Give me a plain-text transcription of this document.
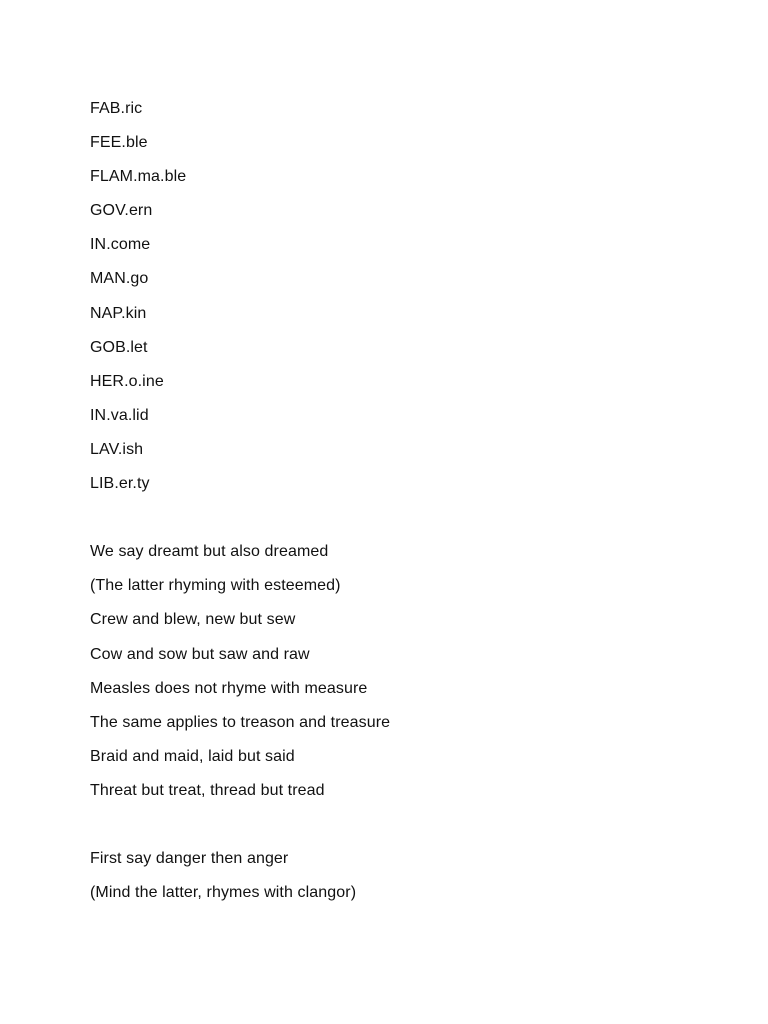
FAB.ric
FEE.ble
FLAM.ma.ble
GOV.ern
IN.come
MAN.go
NAP.kin
GOB.let
HER.o.ine
IN.va.lid
LAV.ish
LIB.er.ty
We say dreamt but also dreamed
(The latter rhyming with esteemed)
Crew and blew, new but sew
Cow and sow but saw and raw
Measles does not rhyme with measure
The same applies to treason and treasure
Braid and maid, laid but said
Threat but treat, thread but tread
First say danger then anger
(Mind the latter, rhymes with clangor)
